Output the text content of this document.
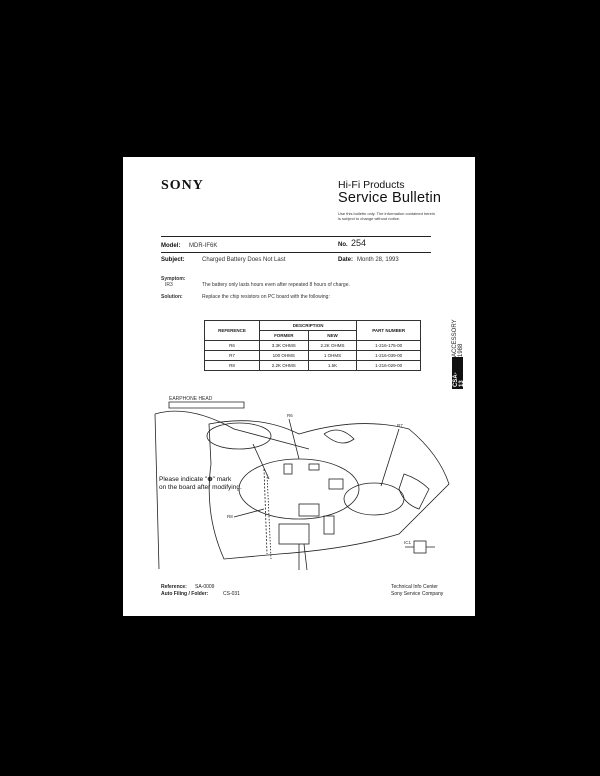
SONY	Hi-Fi Products
Service Bulletin
Use this bulletin only. The information contained herein is subject to change without notice.
Model: MDR-IF6K	No. 254
Subject:	Charged Battery Does Not Last	Date: Month 28, 1993
Symptom:
IR3	The battery only lasts hours even after repeated 8 hours of charge.
Solution:	Replace the chip resistors on PC board with the following:
REFERENCE	DESCRIPTION		PART NUMBER
	FORMER	NEW	
R6	3.3K OHMS	2.2K OHMS	1-216-175-00
R7	100 OHMS	1 OHMS	1-216-039-00
R8	2.2K OHMS	1.5K	1-216-029-00
ACCESSORY 1988
CSA-13
EARPHONE HEAD
R6
R7
R8
IC1
Please indicate "⊕" mark
on the board after modifying.
Reference: SA-0009
Auto Filing / Folder:	CS-031
Technical Info Center
Sony Service Company
